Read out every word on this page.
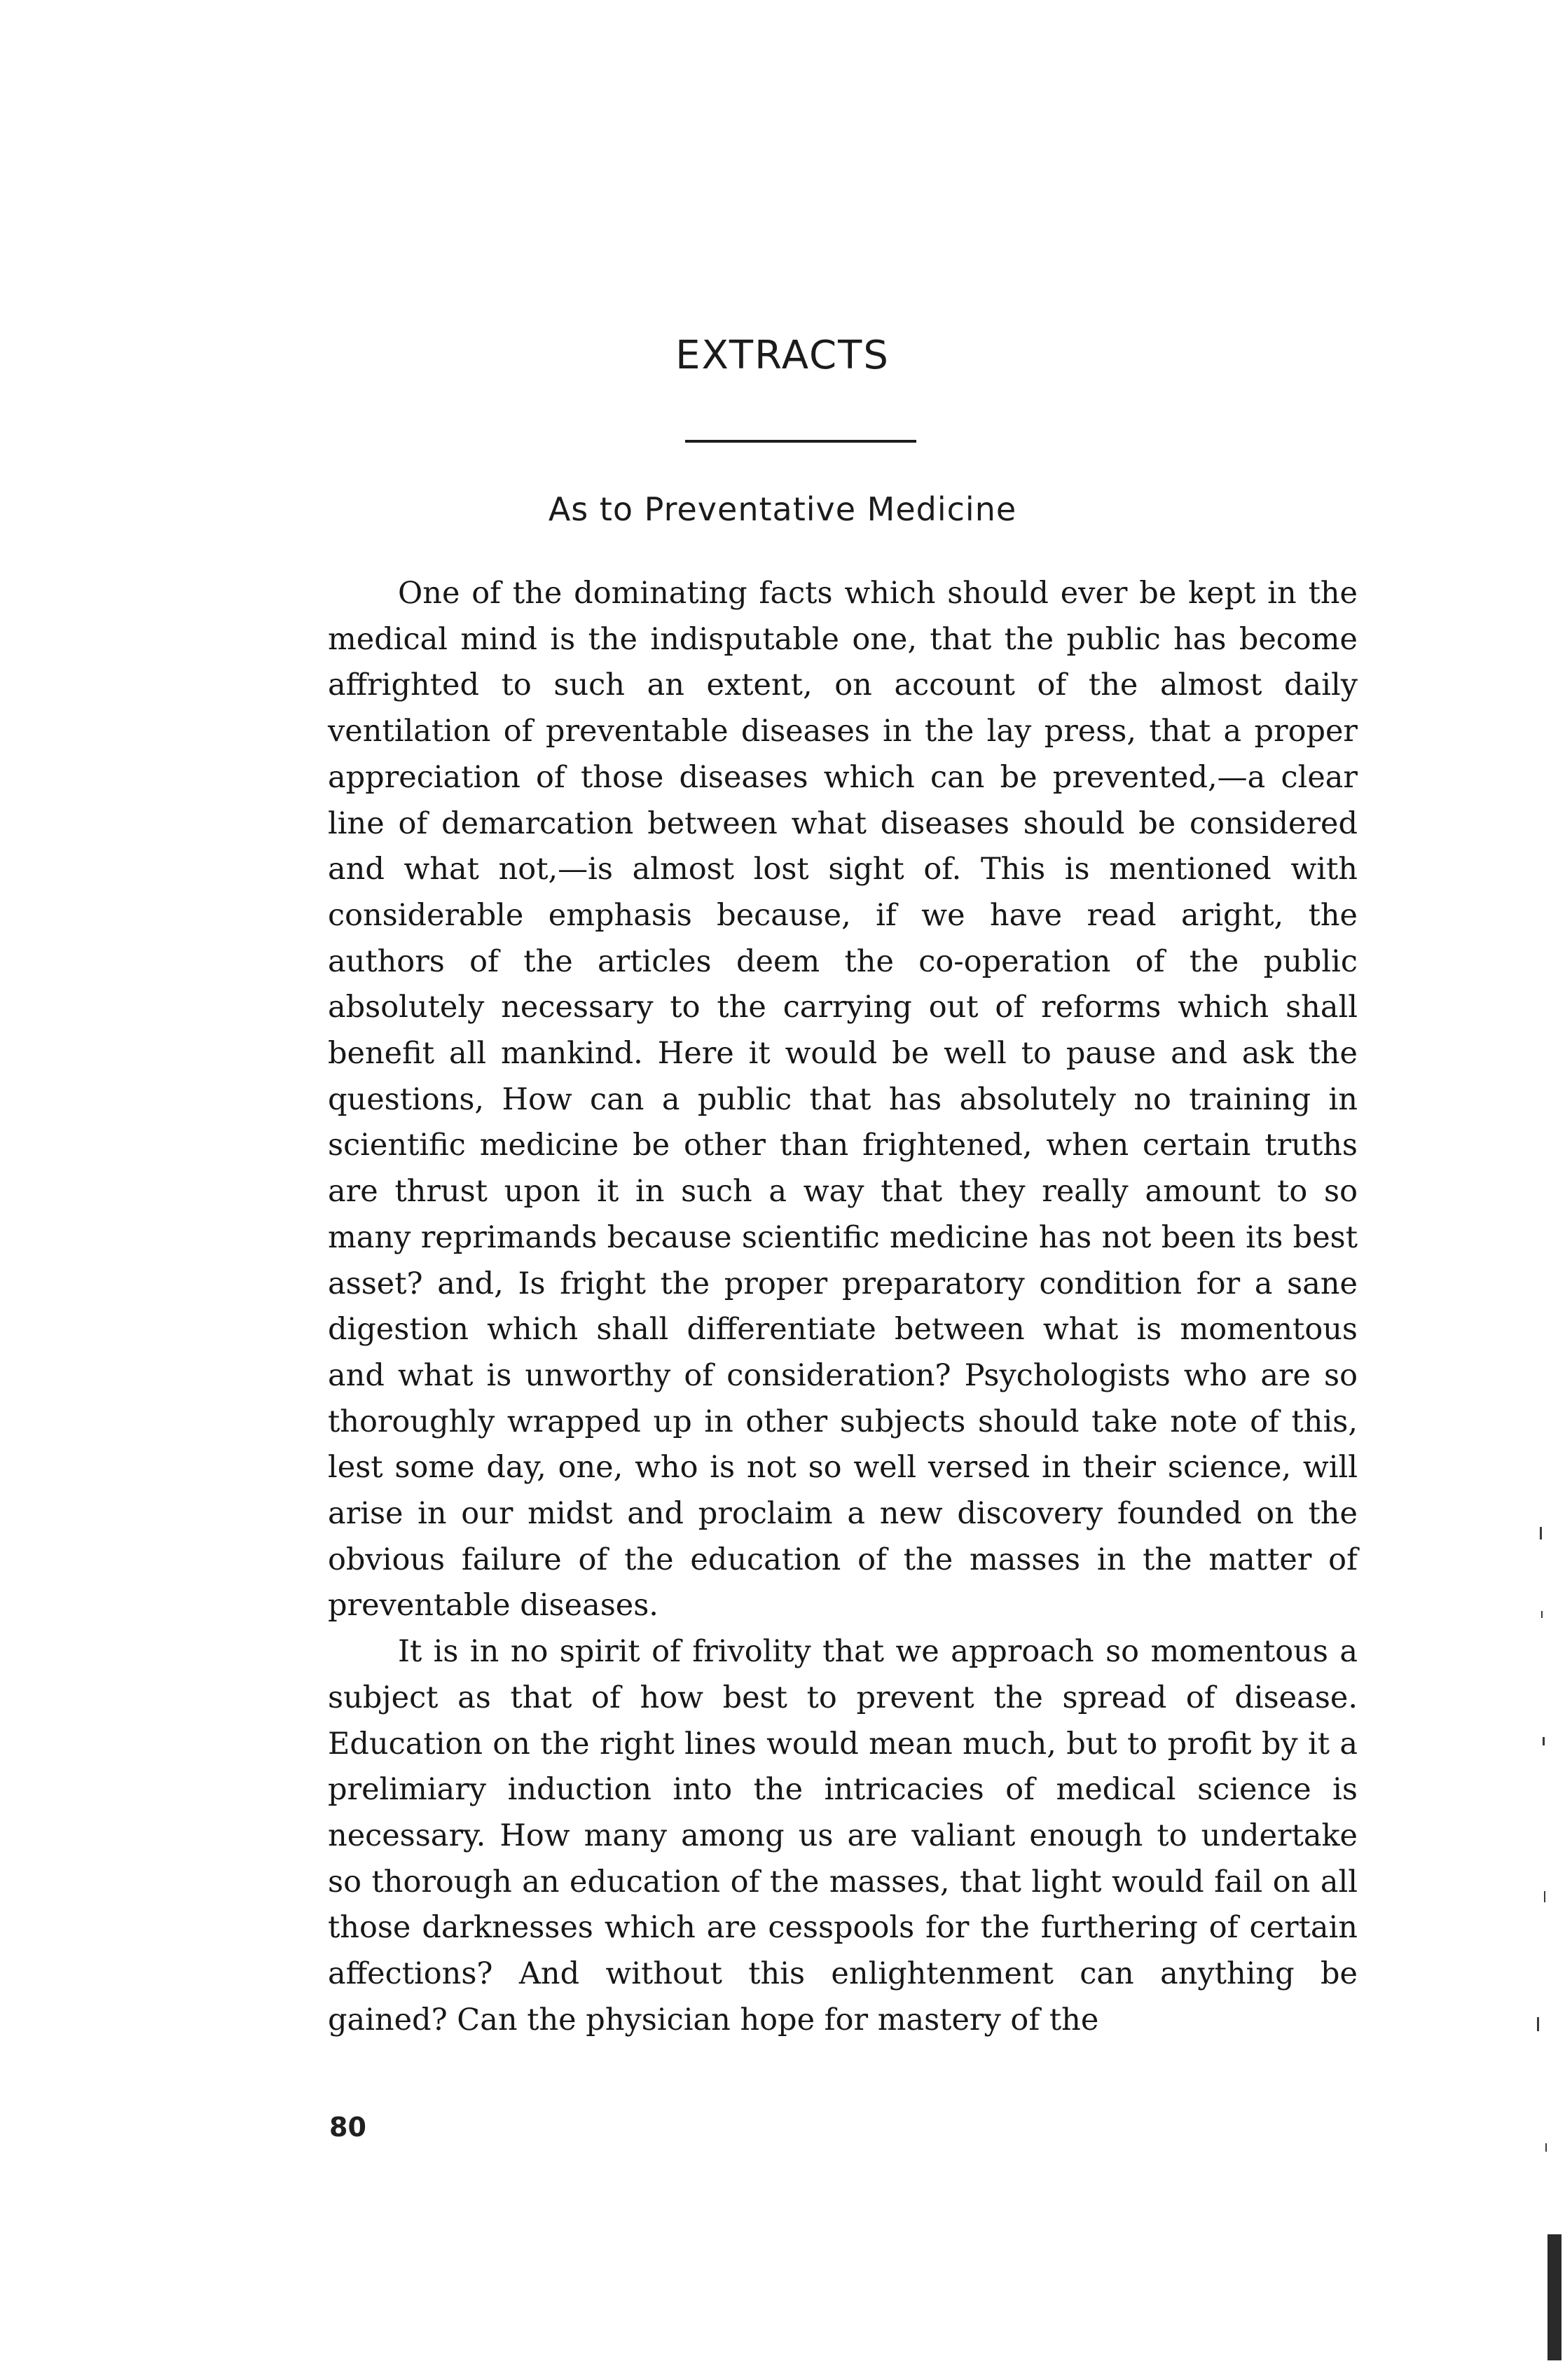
EXTRACTS
As to Preventative Medicine

One of the dominating facts which should ever be kept in the medical mind is the indisputable one, that the public has become affrighted to such an extent, on account of the almost daily ventilation of preventable diseases in the lay press, that a proper appreciation of those diseases which can be prevented,—a clear line of demarcation between what diseases should be considered and what not,—is almost lost sight of. This is mentioned with considerable emphasis because, if we have read aright, the authors of the articles deem the co-operation of the public absolutely necessary to the carrying out of reforms which shall benefit all mankind. Here it would be well to pause and ask the questions, How can a public that has absolutely no training in scientific medicine be other than frightened, when certain truths are thrust upon it in such a way that they really amount to so many reprimands because scientific medicine has not been its best asset? and, Is fright the proper preparatory condition for a sane digestion which shall differentiate between what is momentous and what is unworthy of consideration? Psychologists who are so thoroughly wrapped up in other subjects should take note of this, lest some day, one, who is not so well versed in their science, will arise in our midst and proclaim a new discovery founded on the obvious failure of the education of the masses in the matter of preventable diseases.

It is in no spirit of frivolity that we approach so momentous a subject as that of how best to prevent the spread of disease. Education on the right lines would mean much, but to profit by it a prelimiary induction into the intricacies of medical science is necessary. How many among us are valiant enough to undertake so thorough an education of the masses, that light would fail on all those darknesses which are cesspools for the furthering of certain affections? And without this enlightenment can anything be gained? Can the physician hope for mastery of the

80
